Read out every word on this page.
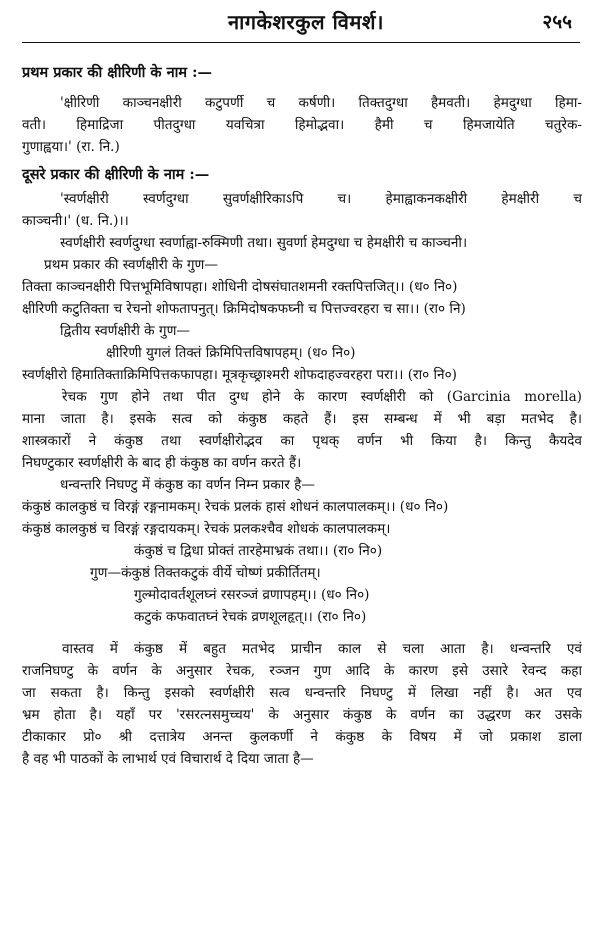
नागकेशरकुल विमर्श।	२५५
प्रथम प्रकार की क्षीरिणी के नाम :—
'क्षीरिणी काञ्चनक्षीरी कटुपर्णी च कर्षणी। तिक्तदुग्धा हैमवती। हेमदुग्धा हिमा-
वती। हिमाद्रिजा पीतदुग्धा यवचित्रा हिमोद्भवा। हैमी च हिमजायेति चतुरेक-
गुणाह्वया।' (रा. नि.)
दूसरे प्रकार की क्षीरिणी के नाम :—
'स्वर्णक्षीरी स्वर्णदुग्धा सुवर्णक्षीरिकाऽपि च। हेमाह्वाकनकक्षीरी हेमक्षीरी च
काञ्चनी।' (ध. नि.)।।
स्वर्णक्षीरी स्वर्णदुग्धा स्वर्णाह्वा-रुक्मिणी तथा। सुवर्णा हेमदुग्धा च हेमक्षीरी च काञ्चनी।
प्रथम प्रकार की स्वर्णक्षीरी के गुण—
तिक्ता काञ्चनक्षीरी पित्तभूमिविषापहा। शोधिनी दोषसंघातशमनी रक्तपित्तजित्।। (ध० नि०)
क्षीरिणी कटुतिक्ता च रेचनो शोफतापनुत्। क्रिमिदोषकफघ्नी च पित्तज्वरहरा च सा।। (रा० नि)
द्वितीय स्वर्णक्षीरी के गुण—
क्षीरिणी युगलं तिक्तं क्रिमिपित्तविषापहम्। (ध० नि०)
स्वर्णक्षीरो हिमातिक्ताक्रिमिपित्तकफापहा। मूत्रकृच्छ्राश्मरी शोफदाहज्वरहरा परा।। (रा० नि०)
रेचक गुण होने तथा पीत दुग्ध होने के कारण स्वर्णक्षीरी को (Garcinia morella)
माना जाता है। इसके सत्व को कंकुष्ठ कहते हैं। इस सम्बन्ध में भी बड़ा मतभेद है।
शास्त्रकारों ने कंकुष्ठ तथा स्वर्णक्षीरोद्भव का पृथक् वर्णन भी किया है। किन्तु कैयदेव
निघण्टुकार स्वर्णक्षीरी के बाद ही कंकुष्ठ का वर्णन करते हैं।
धन्वन्तरि निघण्टु में कंकुष्ठ का वर्णन निम्न प्रकार है—
कंकुष्ठं कालकुष्ठं च विरङ्गं रङ्गनामकम्। रेचकं प्रलकं हासं शोधनं कालपालकम्।। (ध० नि०)
कंकुष्ठं कालकुष्ठं च विरङ्गं रङ्गदायकम्। रेचकं प्रलकश्चैव शोधकं कालपालकम्।
कंकुष्ठं च द्विधा प्रोक्तं तारहेमाभ्रकं तथा।। (रा० नि०)
गुण—कंकुष्ठं तिक्तकटुकं वीर्ये चोष्णं प्रकीर्तितम्।
गुल्मोदावर्तशूलघ्नं रसरञ्जं व्रणापहम्।। (ध० नि०)
कटुकं कफवातघ्नं रेचकं व्रणशूलहृत्।। (रा० नि०)
वास्तव में कंकुष्ठ में बहुत मतभेद प्राचीन काल से चला आता है। धन्वन्तरि एवं
राजनिघण्टु के वर्णन के अनुसार रेचक, रञ्जन गुण आदि के कारण इसे उसारे रेवन्द कहा
जा सकता है। किन्तु इसको स्वर्णक्षीरी सत्व धन्वन्तरि निघण्टु में लिखा नहीं है। अत एव
भ्रम होता है। यहाँ पर 'रसरत्नसमुच्चय' के अनुसार कंकुष्ठ के वर्णन का उद्धरण कर उसके
टीकाकार प्रो० श्री दत्तात्रेय अनन्त कुलकर्णी ने कंकुष्ठ के विषय में जो प्रकाश डाला
है वह भी पाठकों के लाभार्थ एवं विचारार्थ दे दिया जाता है—
